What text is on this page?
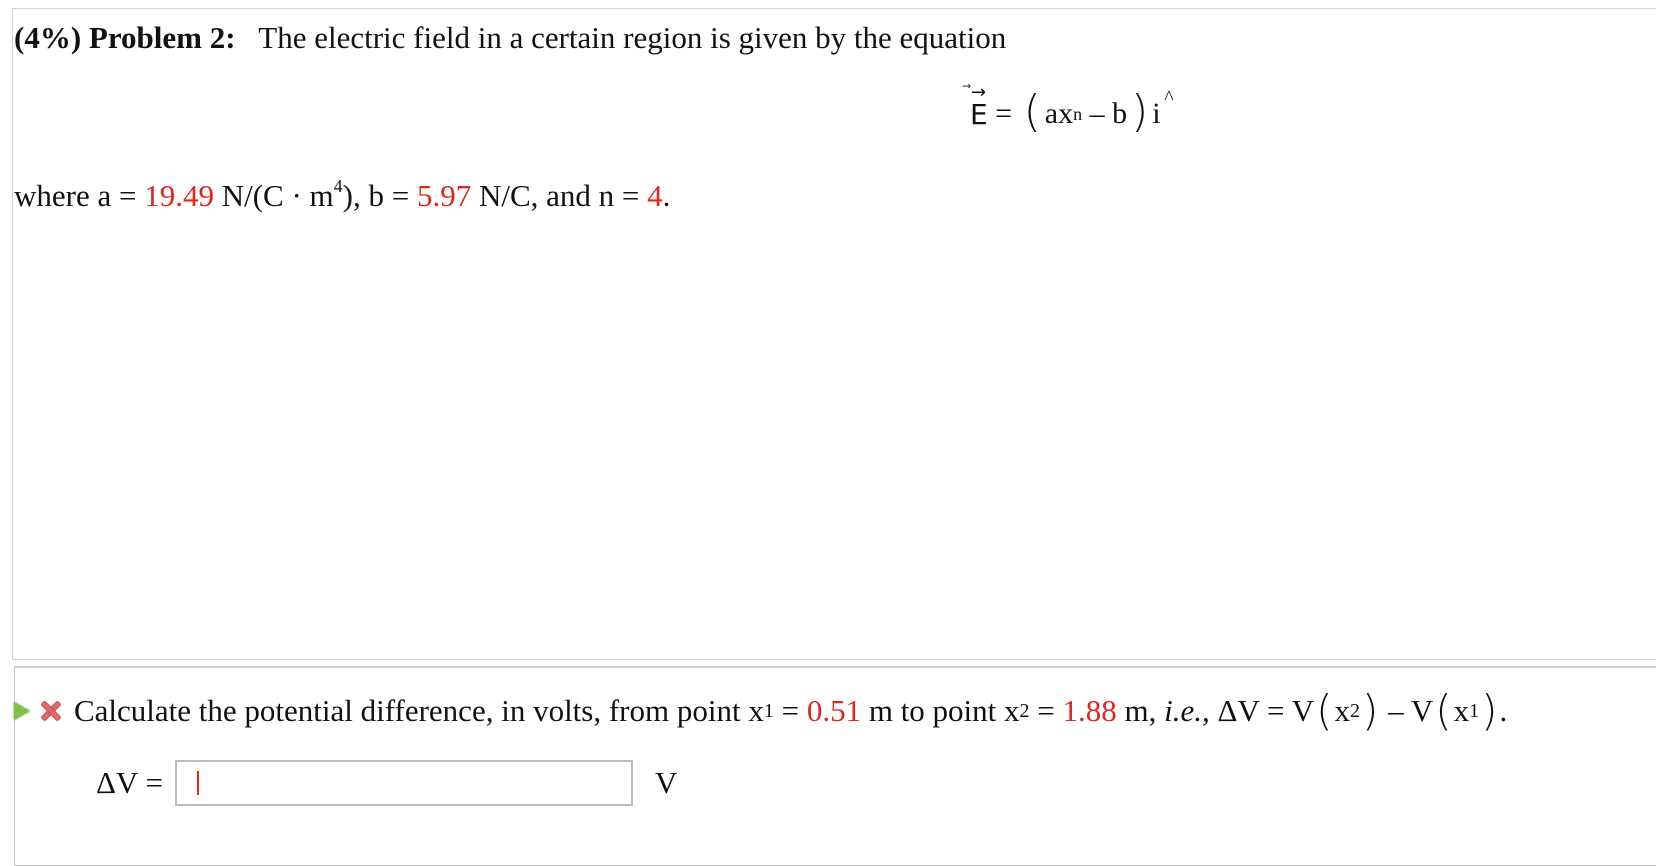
(4%) Problem 2: The electric field in a certain region is given by the equation
⃗→
E
=
( ax n
– b ) i ^
where a = 19.49 $N/(C \cdot m^4)$, b = 5.97 N/C, and n = 4.
Calculate the potential difference, in volts, from point x 1
=
0.51
m to point x 2
=
1.88
m,
i.e.,
ΔV = V ( x 2 )
– V ( x 1 ) .
ΔV =	V
